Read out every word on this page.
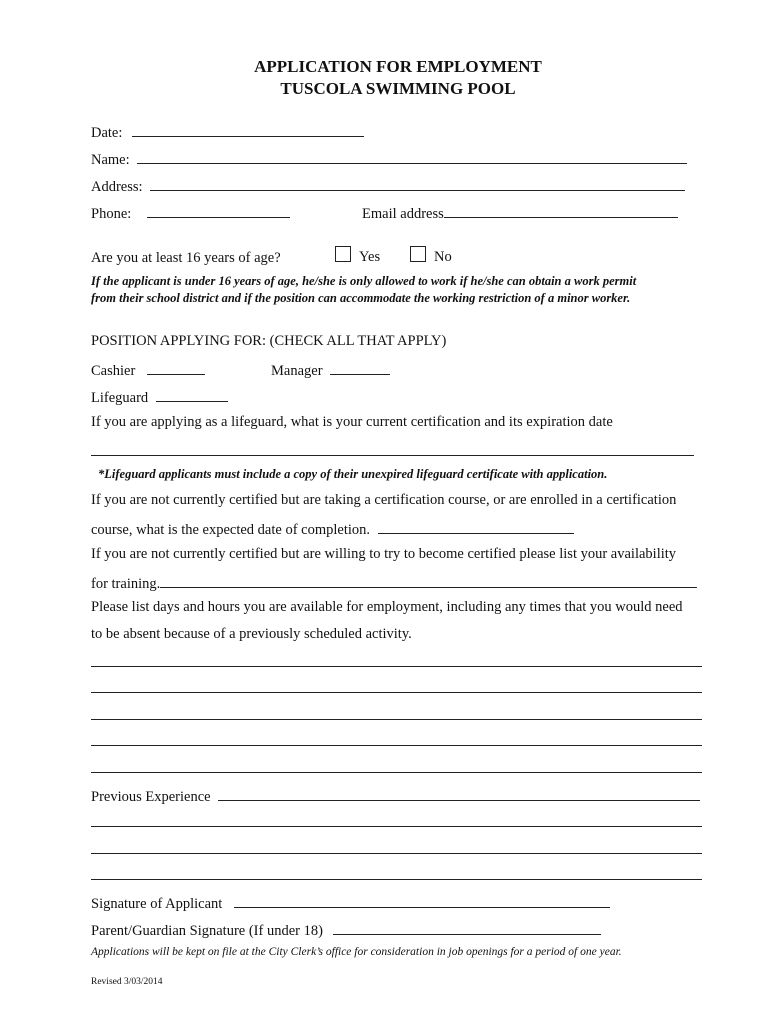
APPLICATION FOR EMPLOYMENT
TUSCOLA SWIMMING POOL
Date:
Name:
Address:
Phone:	Email address
Are you at least 16 years of age?	Yes	No
If the applicant is under 16 years of age, he/she is only allowed to work if he/she can obtain a work permit
from their school district and if the position can accommodate the working restriction of a minor worker.
POSITION APPLYING FOR: (CHECK ALL THAT APPLY)
Cashier	Manager
Lifeguard
If you are applying as a lifeguard, what is your current certification and its expiration date
*Lifeguard applicants must include a copy of their unexpired lifeguard certificate with application.
If you are not currently certified but are taking a certification course, or are enrolled in a certification
course, what is the expected date of completion.
If you are not currently certified but are willing to try to become certified please list your availability
for training.
Please list days and hours you are available for employment, including any times that you would need
to be absent because of a previously scheduled activity.
Previous Experience
Signature of Applicant
Parent/Guardian Signature (If under 18)
Applications will be kept on file at the City Clerk’s office for consideration in job openings for a period of one year.
Revised 3/03/2014
